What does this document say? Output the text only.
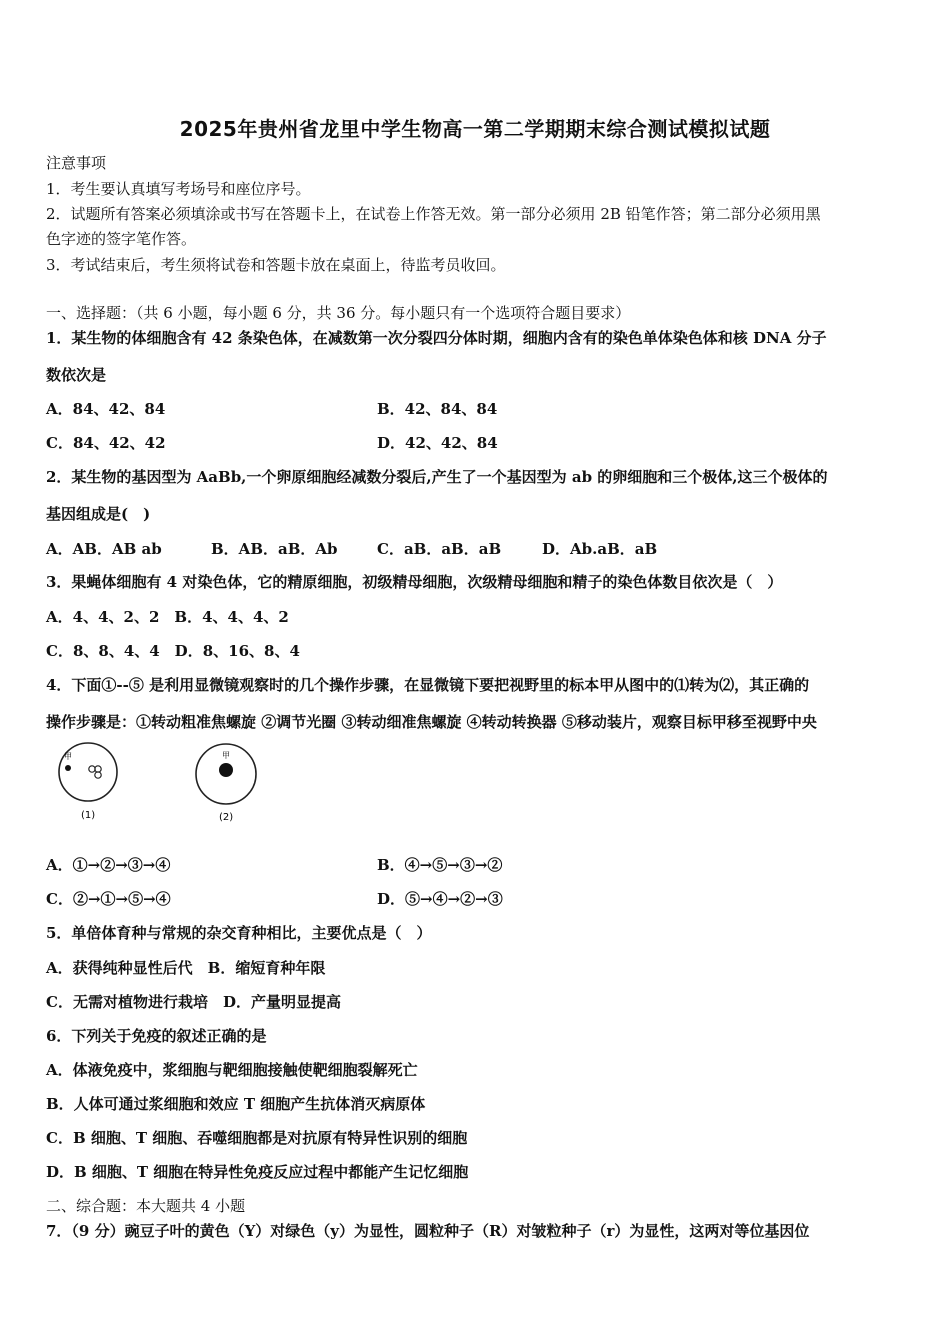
2025年贵州省龙里中学生物高一第二学期期末综合测试模拟试题
注意事项
1．考生要认真填写考场号和座位序号。
2．试题所有答案必须填涂或书写在答题卡上，在试卷上作答无效。第一部分必须用 2B 铅笔作答；第二部分必须用黑
色字迹的签字笔作答。
3．考试结束后，考生须将试卷和答题卡放在桌面上，待监考员收回。
一、选择题：（共 6 小题，每小题 6 分，共 36 分。每小题只有一个选项符合题目要求）
1．某生物的体细胞含有 42 条染色体，在减数第一次分裂四分体时期，细胞内含有的染色单体染色体和核 DNA 分子
数依次是
A．84、42、84	B．42、84、84
C．84、42、42	D．42、42、84
2．某生物的基因型为 AaBb,一个卵原细胞经减数分裂后,产生了一个基因型为 ab 的卵细胞和三个极体,这三个极体的
基因组成是(　)
A．AB．AB ab	B．AB．aB．Ab	C．aB．aB．aB	D．Ab.aB．aB
3．果蝇体细胞有 4 对染色体，它的精原细胞，初级精母细胞，次级精母细胞和精子的染色体数目依次是（　）
A．4、4、2、2　B．4、4、4、2
C．8、8、4、4　D．8、16、8、4
4．下面①--⑤ 是利用显微镜观察时的几个操作步骤，在显微镜下要把视野里的标本甲从图中的⑴转为⑵，其正确的
操作步骤是：①转动粗准焦螺旋 ②调节光圈 ③转动细准焦螺旋 ④转动转换器 ⑤移动装片，观察目标甲移至视野中央
甲
(1)
甲
(2)
A．①→②→③→④	B．④→⑤→③→②
C．②→①→⑤→④	D．⑤→④→②→③
5．单倍体育种与常规的杂交育种相比，主要优点是（　）
A．获得纯种显性后代　B．缩短育种年限
C．无需对植物进行栽培　D．产量明显提高
6．下列关于免疫的叙述正确的是
A．体液免疫中，浆细胞与靶细胞接触使靶细胞裂解死亡
B．人体可通过浆细胞和效应 T 细胞产生抗体消灭病原体
C．B 细胞、T 细胞、吞噬细胞都是对抗原有特异性识别的细胞
D．B 细胞、T 细胞在特异性免疫反应过程中都能产生记忆细胞
二、综合题：本大题共 4 小题
7．（9 分）豌豆子叶的黄色（Y）对绿色（y）为显性，圆粒种子（R）对皱粒种子（r）为显性，这两对等位基因位
